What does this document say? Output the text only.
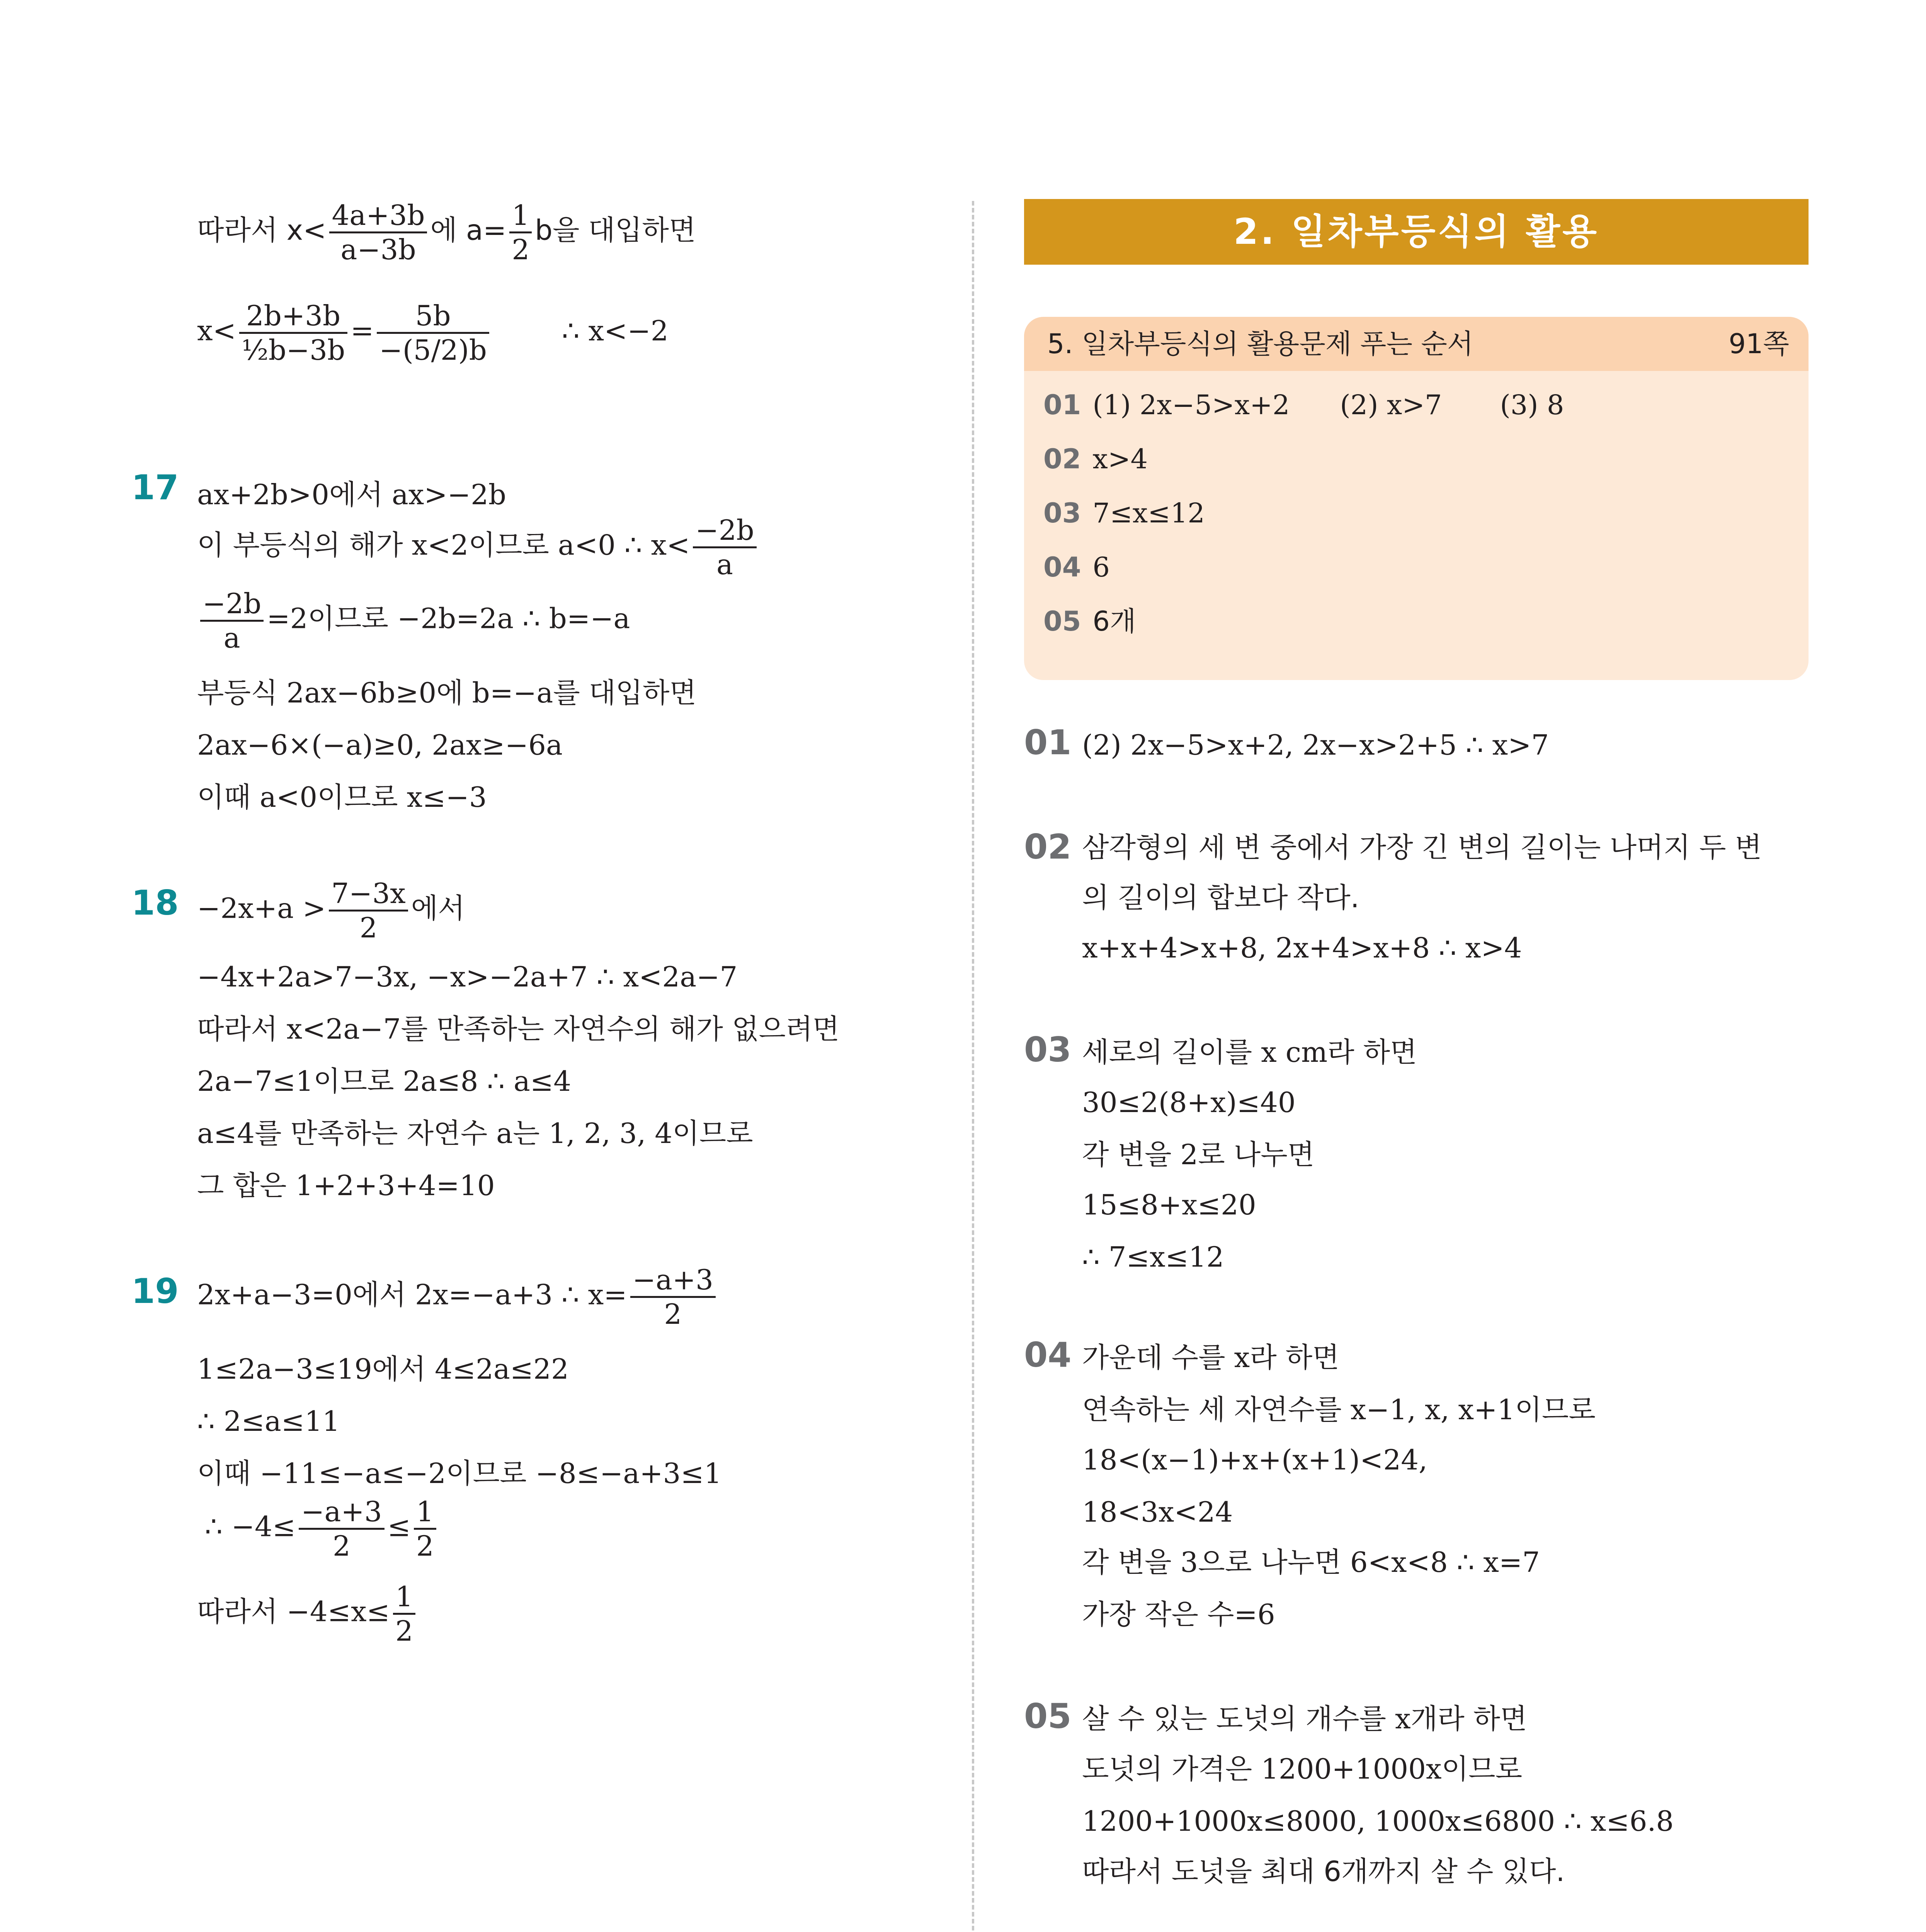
따라서 $x< \frac{4a+3b}{a-3b}$ 에 $a= \frac{1}{2}$ b을 대입하면
$x< \frac{2b+3b}{\text{½b−3b}} = \frac{5b}{-(5/2)b}$	∴ x<−2
17 ax+2b>0에서 ax>−2b
이 부등식의 해가 x<2이므로 a<0 ∴ $x< \frac{-2b}{a}$
$\frac{-2b}{a} =2$이므로 −2b=2a ∴ b=−a
부등식 2ax−6b≥0에 b=−a를 대입하면
2ax−6×(−a)≥0, 2ax≥−6a
이때 a<0이므로 x≤−3
$18 -2x+a > \frac{7-3x}{2}$ 에서
−4x+2a>7−3x, −x>−2a+7 ∴ x<2a−7
따라서 x<2a−7를 만족하는 자연수의 해가 없으려면
2a−7≤1이므로 2a≤8 ∴ a≤4
a≤4를 만족하는 자연수 a는 1, 2, 3, 4이므로
그 합은 1+2+3+4=10
19 2x+a−3=0에서 2x=−a+3 ∴ $x= \frac{-a+3}{2}$
1≤2a−3≤19에서 4≤2a≤22
∴ 2≤a≤11
이때 −11≤−a≤−2이므로 −8≤−a+3≤1
∴ $-4\le \frac{-a+3}{2} \le \frac{1}{2}$
따라서 $-4\le x\le \frac{1}{2}$
2. 일차부등식의 활용
5. 일차부등식의 활용문제 푸는 순서	91쪽
01 (1) 2x−5>x+2 (2) x>7 (3) 8
02 x>4
03 7≤x≤12
04 6
05 6개
01 (2) 2x−5>x+2, 2x−x>2+5 ∴ x>7
02 삼각형의 세 변 중에서 가장 긴 변의 길이는 나머지 두 변
의 길이의 합보다 작다.
x+x+4>x+8, 2x+4>x+8 ∴ x>4
03 세로의 길이를 x cm라 하면
30≤2(8+x)≤40
각 변을 2로 나누면
15≤8+x≤20
∴ 7≤x≤12
04 가운데 수를 x라 하면
연속하는 세 자연수를 x−1, x, x+1이므로
18<(x−1)+x+(x+1)<24,
18<3x<24
각 변을 3으로 나누면 6<x<8 ∴ x=7
가장 작은 수=6
05 살 수 있는 도넛의 개수를 x개라 하면
도넛의 가격은 1200+1000x이므로
1200+1000x≤8000, 1000x≤6800 ∴ x≤6.8
따라서 도넛을 최대 6개까지 살 수 있다.
